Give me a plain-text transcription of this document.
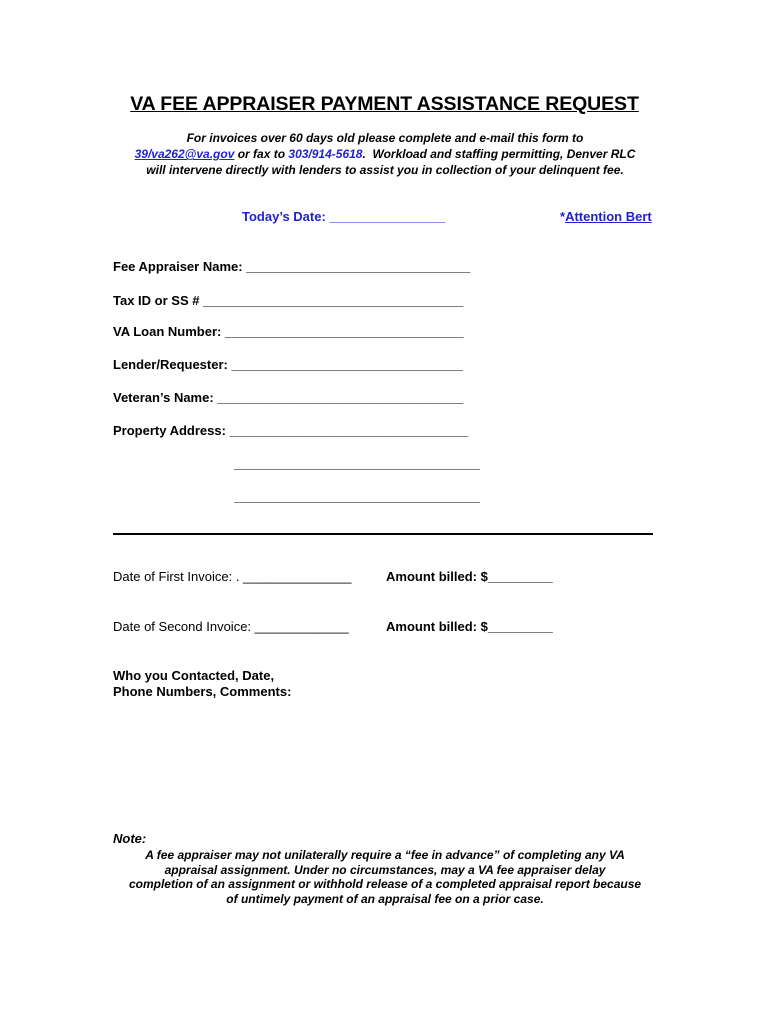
VA FEE APPRAISER PAYMENT ASSISTANCE REQUEST
For invoices over 60 days old please complete and e-mail this form to
39/va262@va.gov or fax to 303/914-5618.  Workload and staffing permitting, Denver RLC
will intervene directly with lenders to assist you in collection of your delinquent fee.
Today’s Date: ________________	*Attention Bert
Fee Appraiser Name: _______________________________
Tax ID or SS # ____________________________________
VA Loan Number: _________________________________
Lender/Requester: ________________________________
Veteran’s Name: __________________________________
Property Address: _________________________________
__________________________________
__________________________________
Date of First Invoice: . _______________	Amount billed: $_________
Date of Second Invoice: _____________	Amount billed: $_________
Who you Contacted, Date,
Phone Numbers, Comments:
Note:
A fee appraiser may not unilaterally require a “fee in advance” of completing any VA
appraisal assignment. Under no circumstances, may a VA fee appraiser delay
completion of an assignment or withhold release of a completed appraisal report because
of untimely payment of an appraisal fee on a prior case.
